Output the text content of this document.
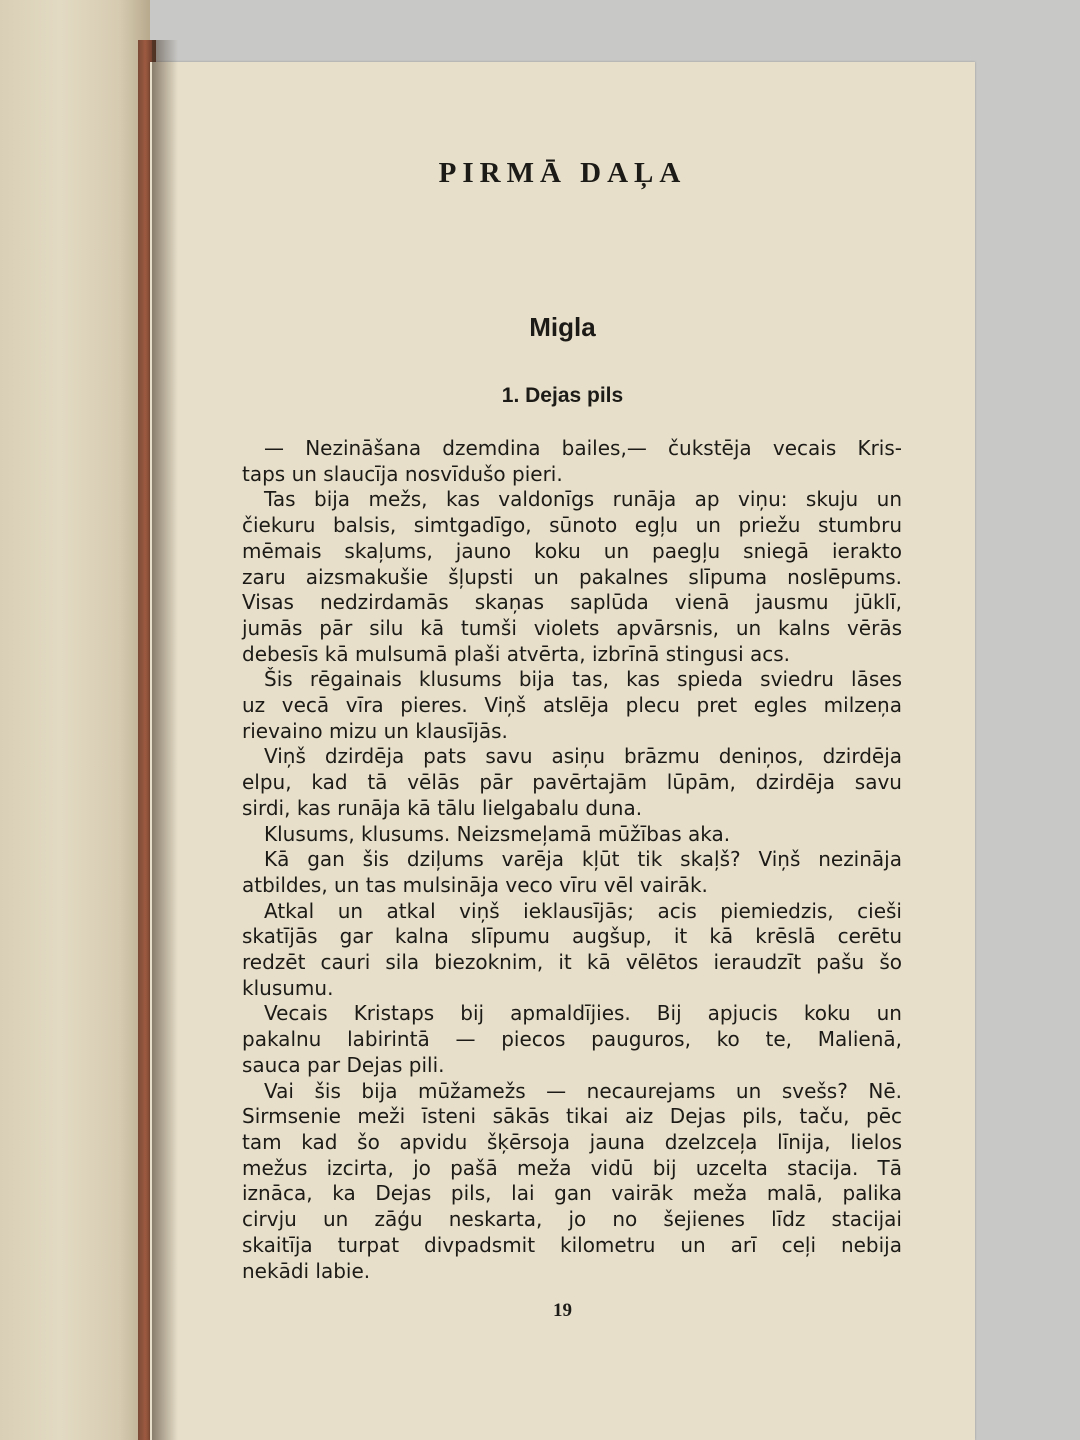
PIRMĀ DAĻA
Migla
1. Dejas pils
— Nezināšana dzemdina bailes,— čukstēja vecais Kris-
taps un slaucīja nosvīdušo pieri.
Tas bija mežs, kas valdonīgs runāja ap viņu: skuju un
čiekuru balsis, simtgadīgo, sūnoto egļu un priežu stumbru
mēmais skaļums, jauno koku un paegļu sniegā ierakto
zaru aizsmakušie šļupsti un pakalnes slīpuma noslēpums.
Visas nedzirdamās skaņas saplūda vienā jausmu jūklī,
jumās pār silu kā tumši violets apvārsnis, un kalns vērās
debesīs kā mulsumā plaši atvērta, izbrīnā stingusi acs.
Šis rēgainais klusums bija tas, kas spieda sviedru lāses
uz vecā vīra pieres. Viņš atslēja plecu pret egles milzeņa
rievaino mizu un klausījās.
Viņš dzirdēja pats savu asiņu brāzmu deniņos, dzirdēja
elpu, kad tā vēlās pār pavērtajām lūpām, dzirdēja savu
sirdi, kas runāja kā tālu lielgabalu duna.
Klusums, klusums. Neizsmeļamā mūžības aka.
Kā gan šis dziļums varēja kļūt tik skaļš? Viņš nezināja
atbildes, un tas mulsināja veco vīru vēl vairāk.
Atkal un atkal viņš ieklausījās; acis piemiedzis, cieši
skatījās gar kalna slīpumu augšup, it kā krēslā cerētu
redzēt cauri sila biezoknim, it kā vēlētos ieraudzīt pašu šo
klusumu.
Vecais Kristaps bij apmaldījies. Bij apjucis koku un
pakalnu labirintā — piecos pauguros, ko te, Malienā,
sauca par Dejas pili.
Vai šis bija mūžamežs — necaurejams un svešs? Nē.
Sirmsenie meži īsteni sākās tikai aiz Dejas pils, taču, pēc
tam kad šo apvidu šķērsoja jauna dzelzceļa līnija, lielos
mežus izcirta, jo pašā meža vidū bij uzcelta stacija. Tā
iznāca, ka Dejas pils, lai gan vairāk meža malā, palika
cirvju un zāģu neskarta, jo no šejienes līdz stacijai
skaitīja turpat divpadsmit kilometru un arī ceļi nebija
nekādi labie.
19
